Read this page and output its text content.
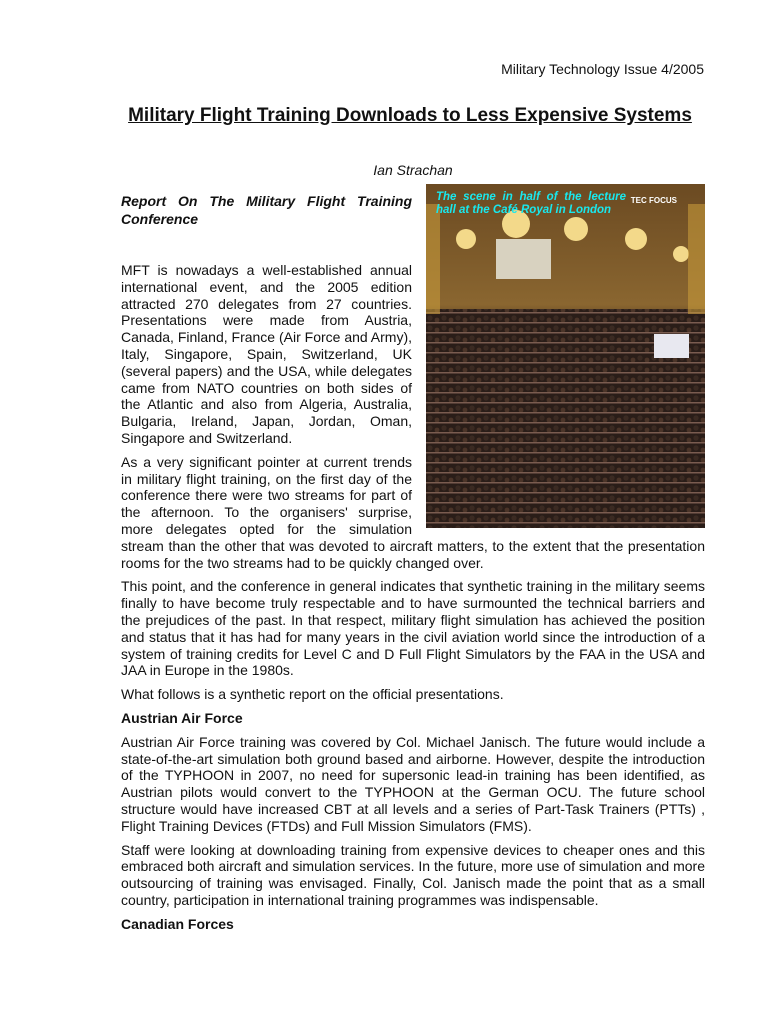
Military Technology Issue 4/2005
Military Flight Training Downloads to Less Expensive Systems
Ian Strachan
The scene in half of the lecture hall at the Café Royal in London
TEC FOCUS
Report On The Military Flight Training Conference

MFT is nowadays a well-established annual international event, and the 2005 edition attracted 270 delegates from 27 countries. Presentations were made from Austria, Canada, Finland, France (Air Force and Army), Italy, Singapore, Spain, Switzerland, UK (several papers) and the USA, while delegates came from NATO countries on both sides of the Atlantic and also from Algeria, Australia, Bulgaria, Ireland, Japan, Jordan, Oman, Singapore and Switzerland.

As a very significant pointer at current trends in military flight training, on the first day of the conference there were two streams for part of the afternoon. To the organisers' surprise, more delegates opted for the simulation stream than the other that was devoted to aircraft matters, to the extent that the presentation rooms for the two streams had to be quickly changed over.

This point, and the conference in general indicates that synthetic training in the military seems finally to have become truly respectable and to have surmounted the technical barriers and the prejudices of the past. In that respect, military flight simulation has achieved the position and status that it has had for many years in the civil aviation world since the introduction of a system of training credits for Level C and D Full Flight Simulators by the FAA in the USA and JAA in Europe in the 1980s.

What follows is a synthetic report on the official presentations.

Austrian Air Force

Austrian Air Force training was covered by Col. Michael Janisch. The future would include a state-of-the-art simulation both ground based and airborne. However, despite the introduction of the TYPHOON in 2007, no need for supersonic lead-in training has been identified, as Austrian pilots would convert to the TYPHOON at the German OCU. The future school structure would have increased CBT at all levels and a series of Part-Task Trainers (PTTs) , Flight Training Devices (FTDs) and Full Mission Simulators (FMS).

Staff were looking at downloading training from expensive devices to cheaper ones and this embraced both aircraft and simulation services. In the future, more use of simulation and more outsourcing of training was envisaged. Finally, Col. Janisch made the point that as a small country, participation in international training programmes was indispensable.

Canadian Forces
